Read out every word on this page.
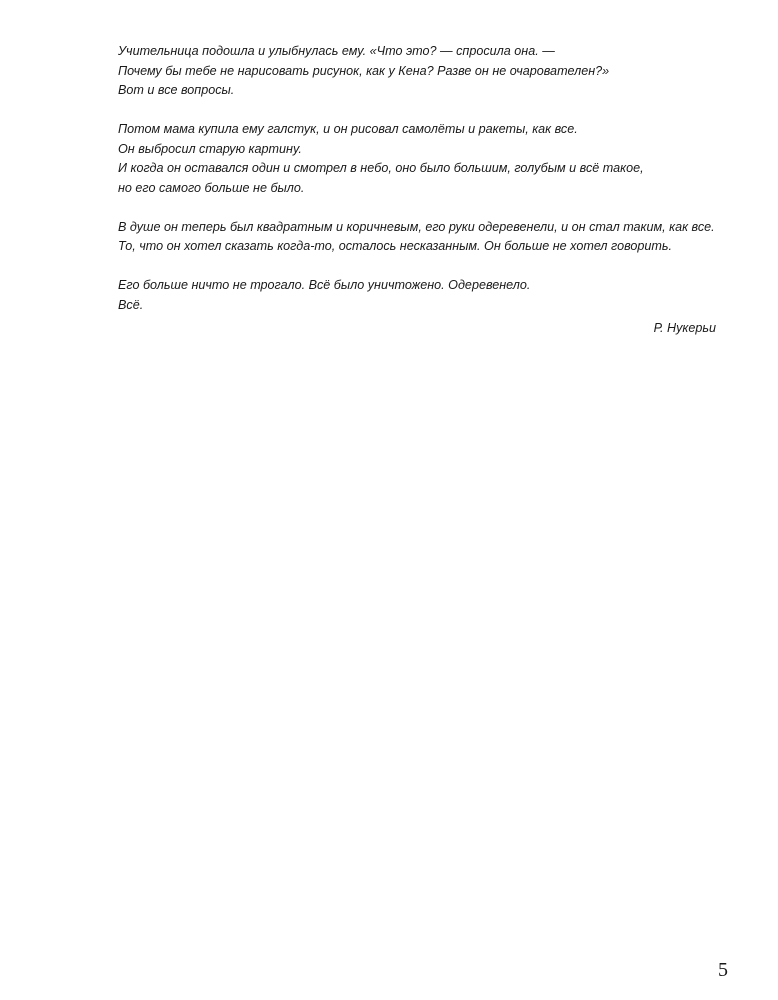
Учительница подошла и улыбнулась ему. «Что это? — спросила она. —
Почему бы тебе не нарисовать рисунок, как у Кена? Разве он не очарователен?»
Вот и все вопросы.
Потом мама купила ему галстук, и он рисовал самолёты и ракеты, как все.
Он выбросил старую картину.
И когда он оставался один и смотрел в небо, оно было большим, голубым и всё такое,
но его самого больше не было.
В душе он теперь был квадратным и коричневым, его руки одеревенели, и он стал таким, как все.
То, что он хотел сказать когда-то, осталось несказанным. Он больше не хотел говорить.
Его больше ничто не трогало. Всё было уничтожено. Одеревенело.
Всё.
Р. Нукерьи
5
